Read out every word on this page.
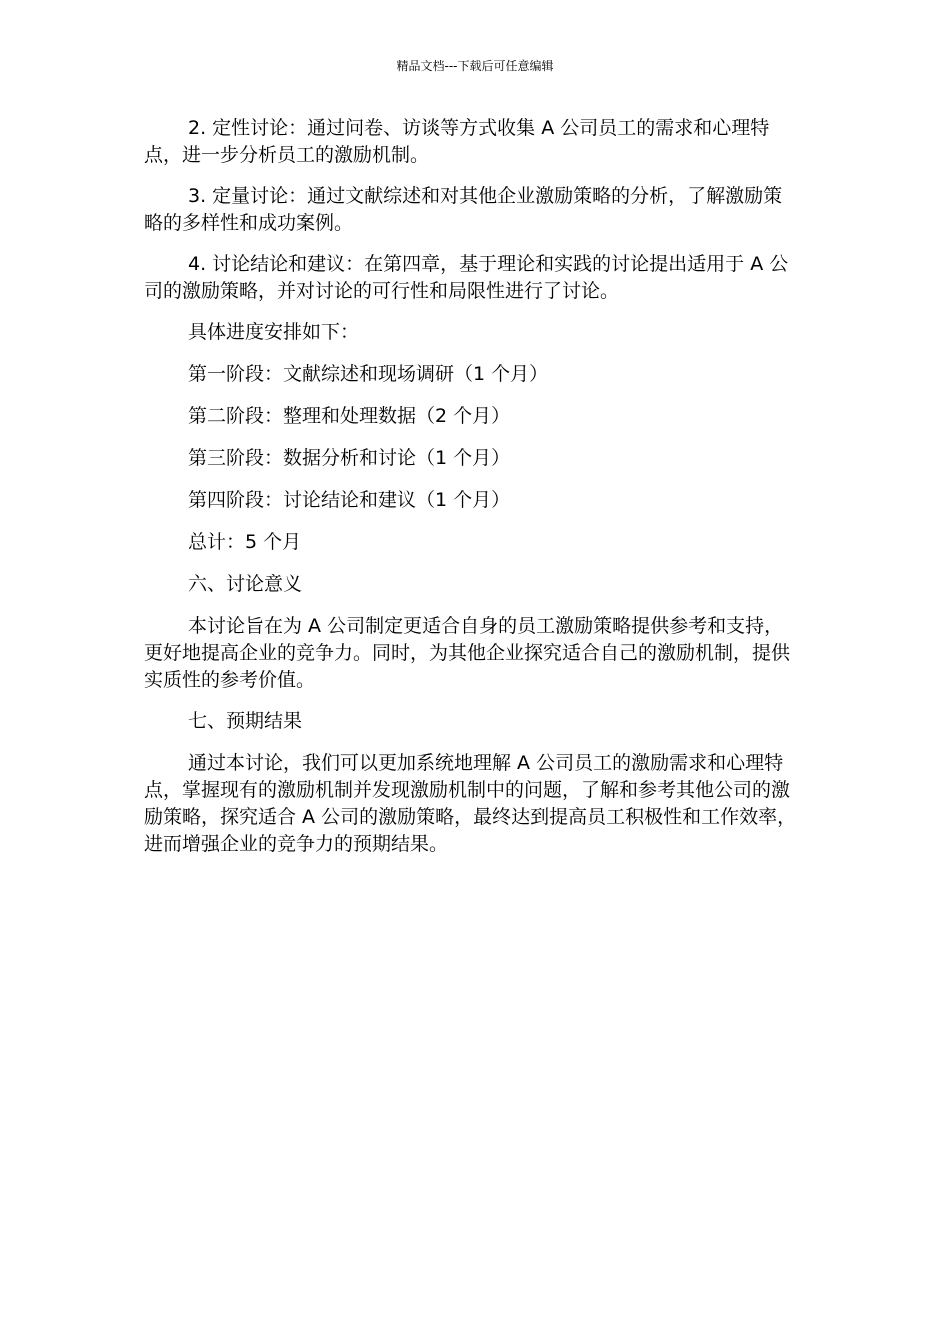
精品文档---下载后可任意编辑

2. 定性讨论：通过问卷、访谈等方式收集 A 公司员工的需求和心理特点，进一步分析员工的激励机制。

3. 定量讨论：通过文献综述和对其他企业激励策略的分析，了解激励策略的多样性和成功案例。

4. 讨论结论和建议：在第四章，基于理论和实践的讨论提出适用于 A 公司的激励策略，并对讨论的可行性和局限性进行了讨论。

具体进度安排如下：

第一阶段：文献综述和现场调研（1 个月）

第二阶段：整理和处理数据（2 个月）

第三阶段：数据分析和讨论（1 个月）

第四阶段：讨论结论和建议（1 个月）

总计：5 个月

六、讨论意义

本讨论旨在为 A 公司制定更适合自身的员工激励策略提供参考和支持，更好地提高企业的竞争力。同时，为其他企业探究适合自己的激励机制，提供实质性的参考价值。

七、预期结果

通过本讨论，我们可以更加系统地理解 A 公司员工的激励需求和心理特点，掌握现有的激励机制并发现激励机制中的问题，了解和参考其他公司的激励策略，探究适合 A 公司的激励策略，最终达到提高员工积极性和工作效率，进而增强企业的竞争力的预期结果。
